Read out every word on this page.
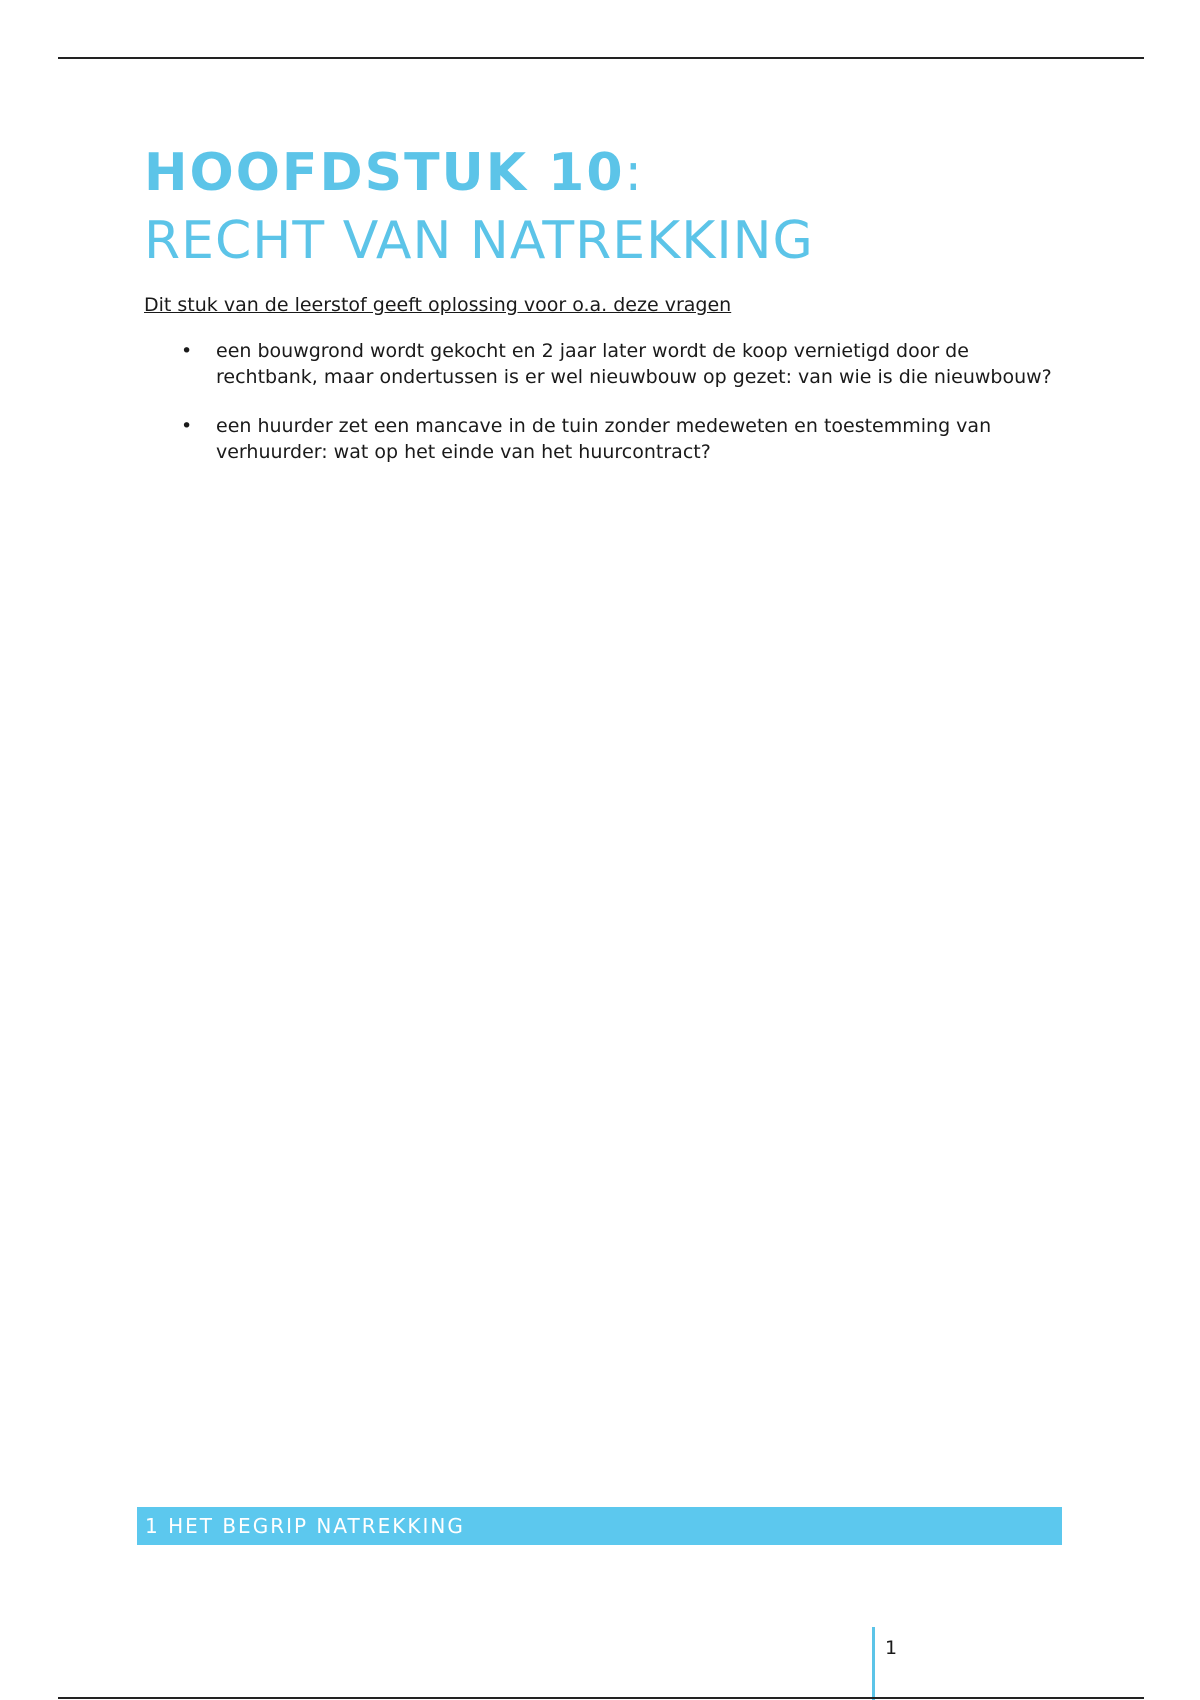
HOOFDSTUK 10:
RECHT VAN NATREKKING
Dit stuk van de leerstof geeft oplossing voor o.a. deze vragen
• een bouwgrond wordt gekocht en 2 jaar later wordt de koop vernietigd door de rechtbank, maar ondertussen is er wel nieuwbouw op gezet: van wie is die nieuwbouw?
• een huurder zet een mancave in de tuin zonder medeweten en toestemming van verhuurder: wat op het einde van het huurcontract?
1 HET BEGRIP NATREKKING
1
